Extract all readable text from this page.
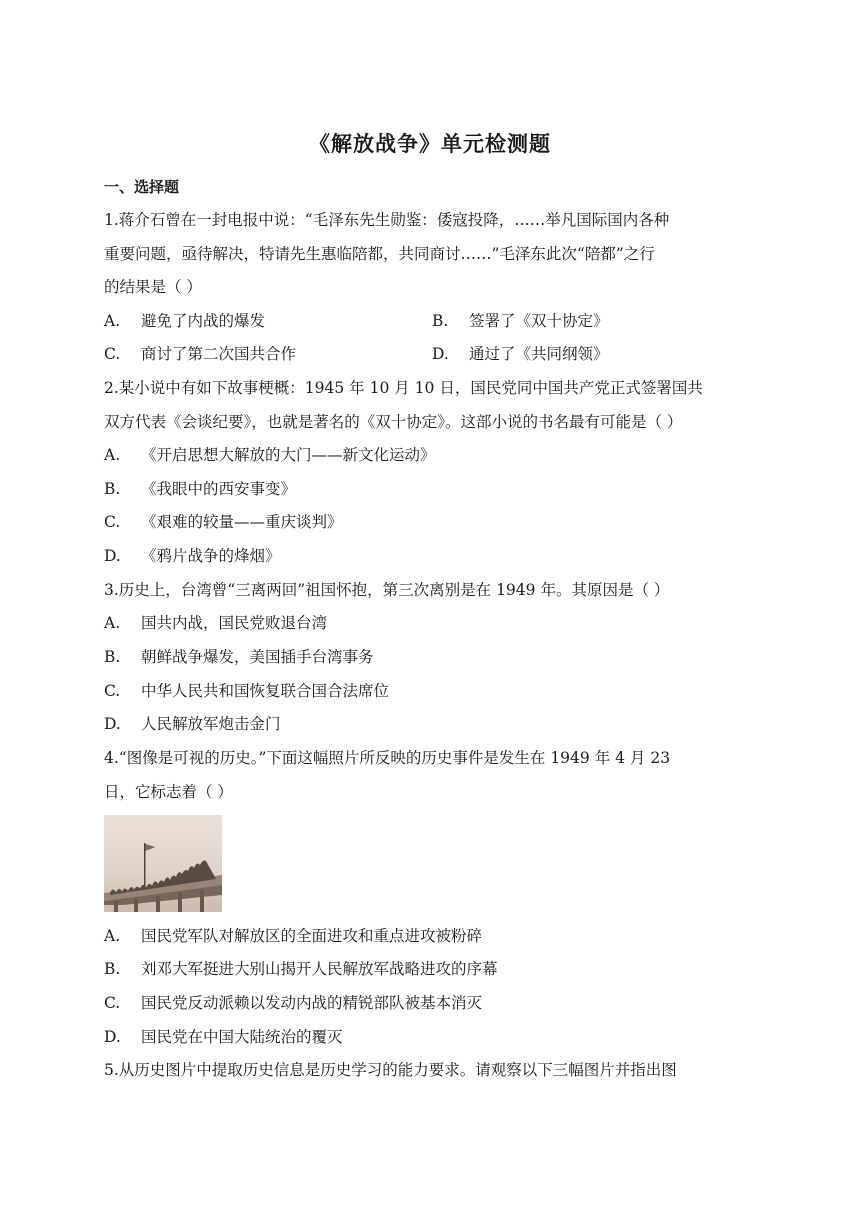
《解放战争》单元检测题
一、选择题
1.蒋介石曾在一封电报中说：“毛泽东先生勋鉴：倭寇投降，……举凡国际国内各种
重要问题，亟待解决，特请先生惠临陪都，共同商讨……”毛泽东此次“陪都”之行
的结果是（ ）
A. 避免了内战的爆发	B. 签署了《双十协定》
C. 商讨了第二次国共合作	D. 通过了《共同纲领》
2.某小说中有如下故事梗概：1945 年 10 月 10 日，国民党同中国共产党正式签署国共
双方代表《会谈纪要》，也就是著名的《双十协定》。这部小说的书名最有可能是（ ）
A. 《开启思想大解放的大门——新文化运动》
B. 《我眼中的西安事变》
C. 《艰难的较量——重庆谈判》
D. 《鸦片战争的烽烟》
3.历史上，台湾曾“三离两回”祖国怀抱，第三次离别是在 1949 年。其原因是（ ）
A. 国共内战，国民党败退台湾
B. 朝鲜战争爆发，美国插手台湾事务
C. 中华人民共和国恢复联合国合法席位
D. 人民解放军炮击金门
4.“图像是可视的历史。”下面这幅照片所反映的历史事件是发生在 1949 年 4 月 23
日，它标志着（ ）
A. 国民党军队对解放区的全面进攻和重点进攻被粉碎
B. 刘邓大军挺进大别山揭开人民解放军战略进攻的序幕
C. 国民党反动派赖以发动内战的精锐部队被基本消灭
D. 国民党在中国大陆统治的覆灭
5.从历史图片中提取历史信息是历史学习的能力要求。请观察以下三幅图片并指出图
